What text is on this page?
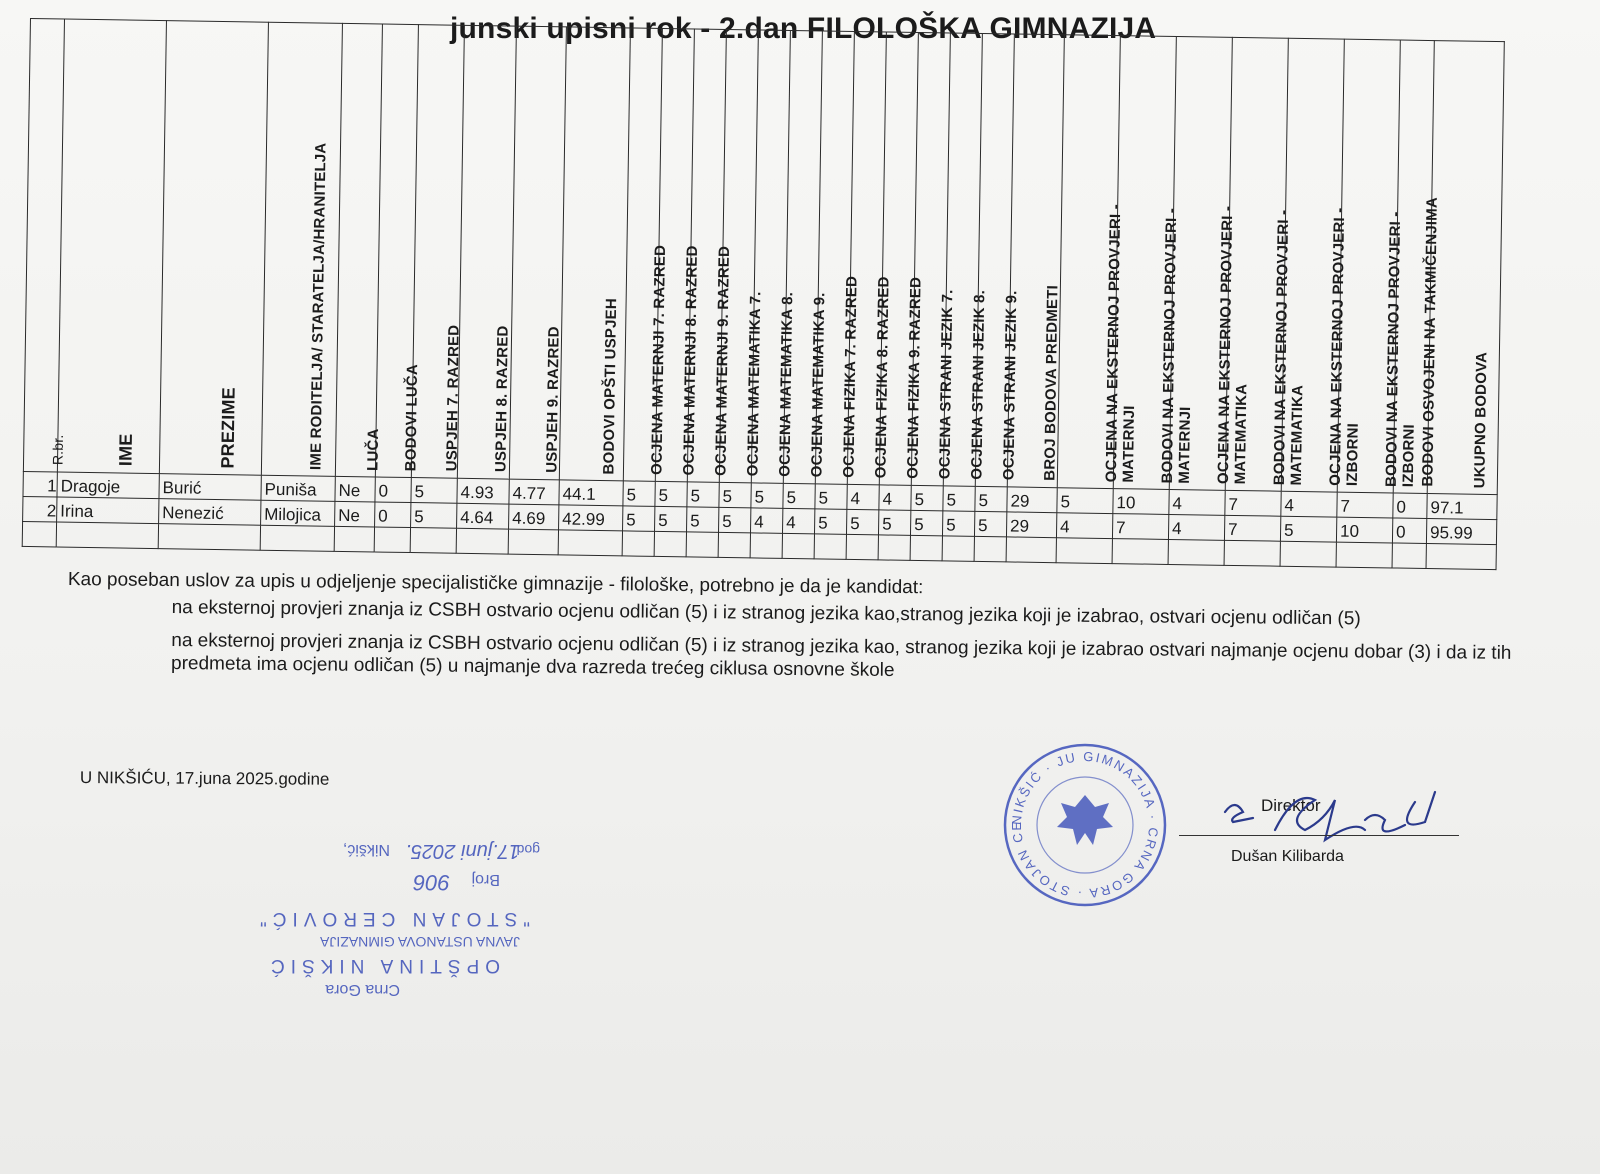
junski upisni rok - 2.dan FILOLOŠKA GIMNAZIJA
R.br.	IME	PREZIME	IME RODITELJA/ STARATELJA/HRANITELJA	LUČA	BODOVI LUČA	USPJEH 7. RAZRED	USPJEH 8. RAZRED	USPJEH 9. RAZRED	BODOVI OPŠTI USPJEH	OCJENA MATERNJI 7. RAZRED	OCJENA MATERNJI 8. RAZRED	OCJENA MATERNJI 9. RAZRED	OCJENA MATEMATIKA 7.	OCJENA MATEMATIKA 8.	OCJENA MATEMATIKA 9.	OCJENA FIZIKA 7. RAZRED	OCJENA FIZIKA 8. RAZRED	OCJENA FIZIKA 9. RAZRED	OCJENA STRANI JEZIK 7.	OCJENA STRANI JEZIK 8.	OCJENA STRANI JEZIK 9.	BROJ BODOVA PREDMETI	OCJENA NA EKSTERNOJ PROVJERI -
MATERNJI	BODOVI NA EKSTERNOJ PROVJERI -
MATERNJI	OCJENA NA EKSTERNOJ PROVJERI -
MATEMATIKA	BODOVI NA EKSTERNOJ PROVJERI -
MATEMATIKA	OCJENA NA EKSTERNOJ PROVJERI -
IZBORNI	BODOVI NA EKSTERNOJ PROVJERI -
IZBORNI	BODOVI OSVOJENI NA TAKMIČENJIMA	UKUPNO BODOVA

1	Dragoje	Burić	Puniša	Ne	0	5	4.93	4.77	44.1	5	5	5	5	5	5	5	4	4	5	5	5	29	5	10	4	7	4	7	0	97.1
2	Irina	Nenezić	Milojica	Ne	0	5	4.64	4.69	42.99	5	5	5	5	4	4	5	5	5	5	5	5	29	4	7	4	7	5	10	0	95.99

Kao poseban uslov za upis u odjeljenje specijalističke gimnazije - filološke, potrebno je da je kandidat:

na eksternoj provjeri znanja iz CSBH ostvario ocjenu odličan (5) i iz stranog jezika kao,stranog jezika koji je izabrao, ostvari ocjenu odličan (5)

na eksternoj provjeri znanja iz CSBH ostvario ocjenu odličan (5) i iz stranog jezika kao, stranog jezika koji je izabrao ostvari najmanje ocjenu dobar (3) i da iz tih predmeta ima ocjenu odličan (5) u najmanje dva razreda trećeg ciklusa osnovne škole

U NIKŠIĆU, 17.juna 2025.godine
NIKŠIĆ · JU GIMNAZIJA · CRNA GORA · STOJAN CE
Direktor
Dušan Kilibarda
Crna Gora
OPŠTINA NIKŠIĆ
JAVNA USTANOVA GIMNAZIJA
"STOJAN CEROVIĆ"
Broj
906
Nikšić, 17.juni 2025.
god
